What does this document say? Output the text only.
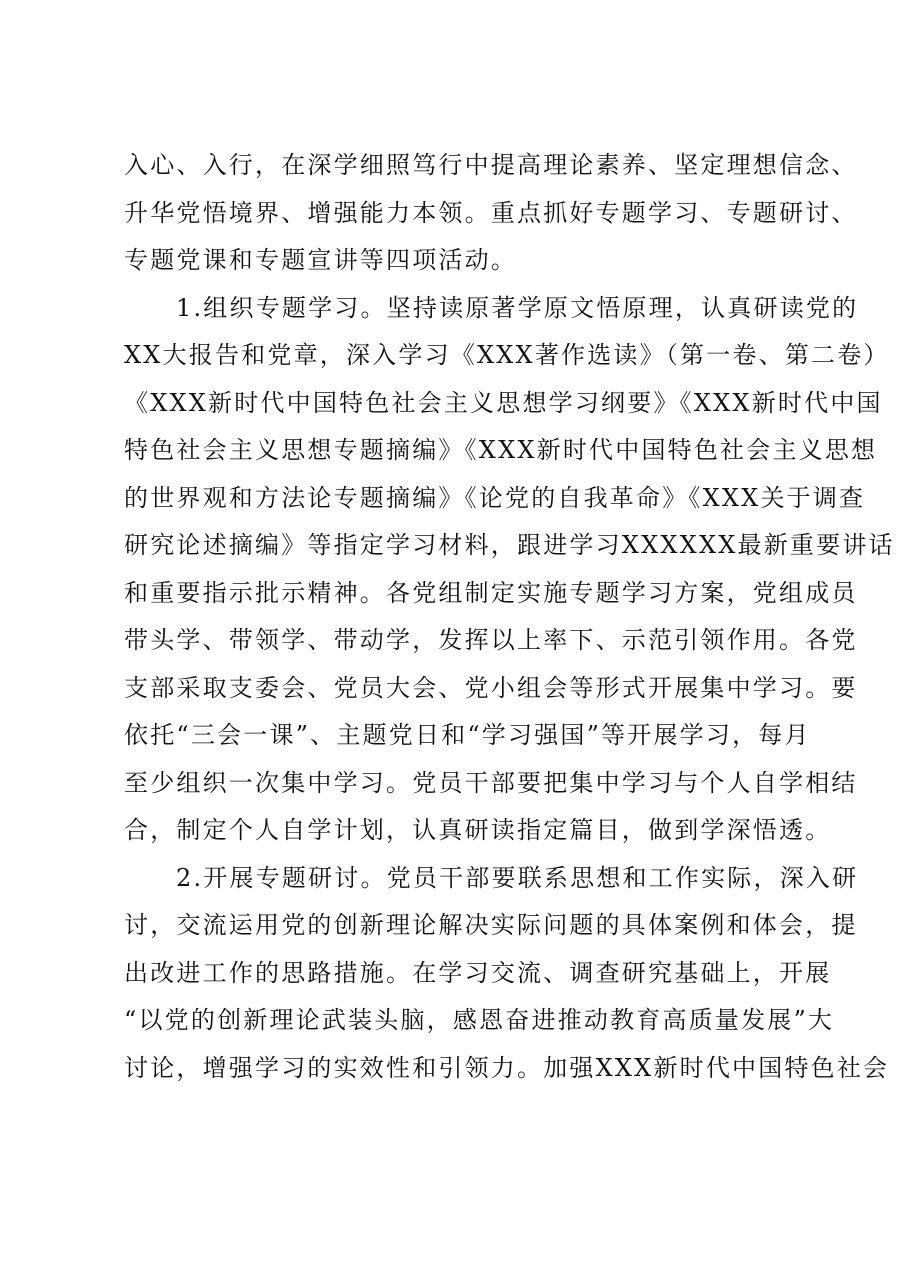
入心、入行，在深学细照笃行中提高理论素养、坚定理想信念、
升华党悟境界、增强能力本领。重点抓好专题学习、专题研讨、
专题党课和专题宣讲等四项活动。
1.组织专题学习。坚持读原著学原文悟原理，认真研读党的
XX大报告和党章，深入学习《XXX著作选读》（第一卷、第二卷）
《XXX新时代中国特色社会主义思想学习纲要》《XXX新时代中国
特色社会主义思想专题摘编》《XXX新时代中国特色社会主义思想
的世界观和方法论专题摘编》《论党的自我革命》《XXX关于调查
研究论述摘编》等指定学习材料，跟进学习XXXXXX最新重要讲话
和重要指示批示精神。各党组制定实施专题学习方案，党组成员
带头学、带领学、带动学，发挥以上率下、示范引领作用。各党
支部采取支委会、党员大会、党小组会等形式开展集中学习。要
依托“三会一课”、主题党日和“学习强国”等开展学习，每月
至少组织一次集中学习。党员干部要把集中学习与个人自学相结
合，制定个人自学计划，认真研读指定篇目，做到学深悟透。
2.开展专题研讨。党员干部要联系思想和工作实际，深入研
讨，交流运用党的创新理论解决实际问题的具体案例和体会，提
出改进工作的思路措施。在学习交流、调查研究基础上，开展
“以党的创新理论武装头脑，感恩奋进推动教育高质量发展”大
讨论，增强学习的实效性和引领力。加强XXX新时代中国特色社会
